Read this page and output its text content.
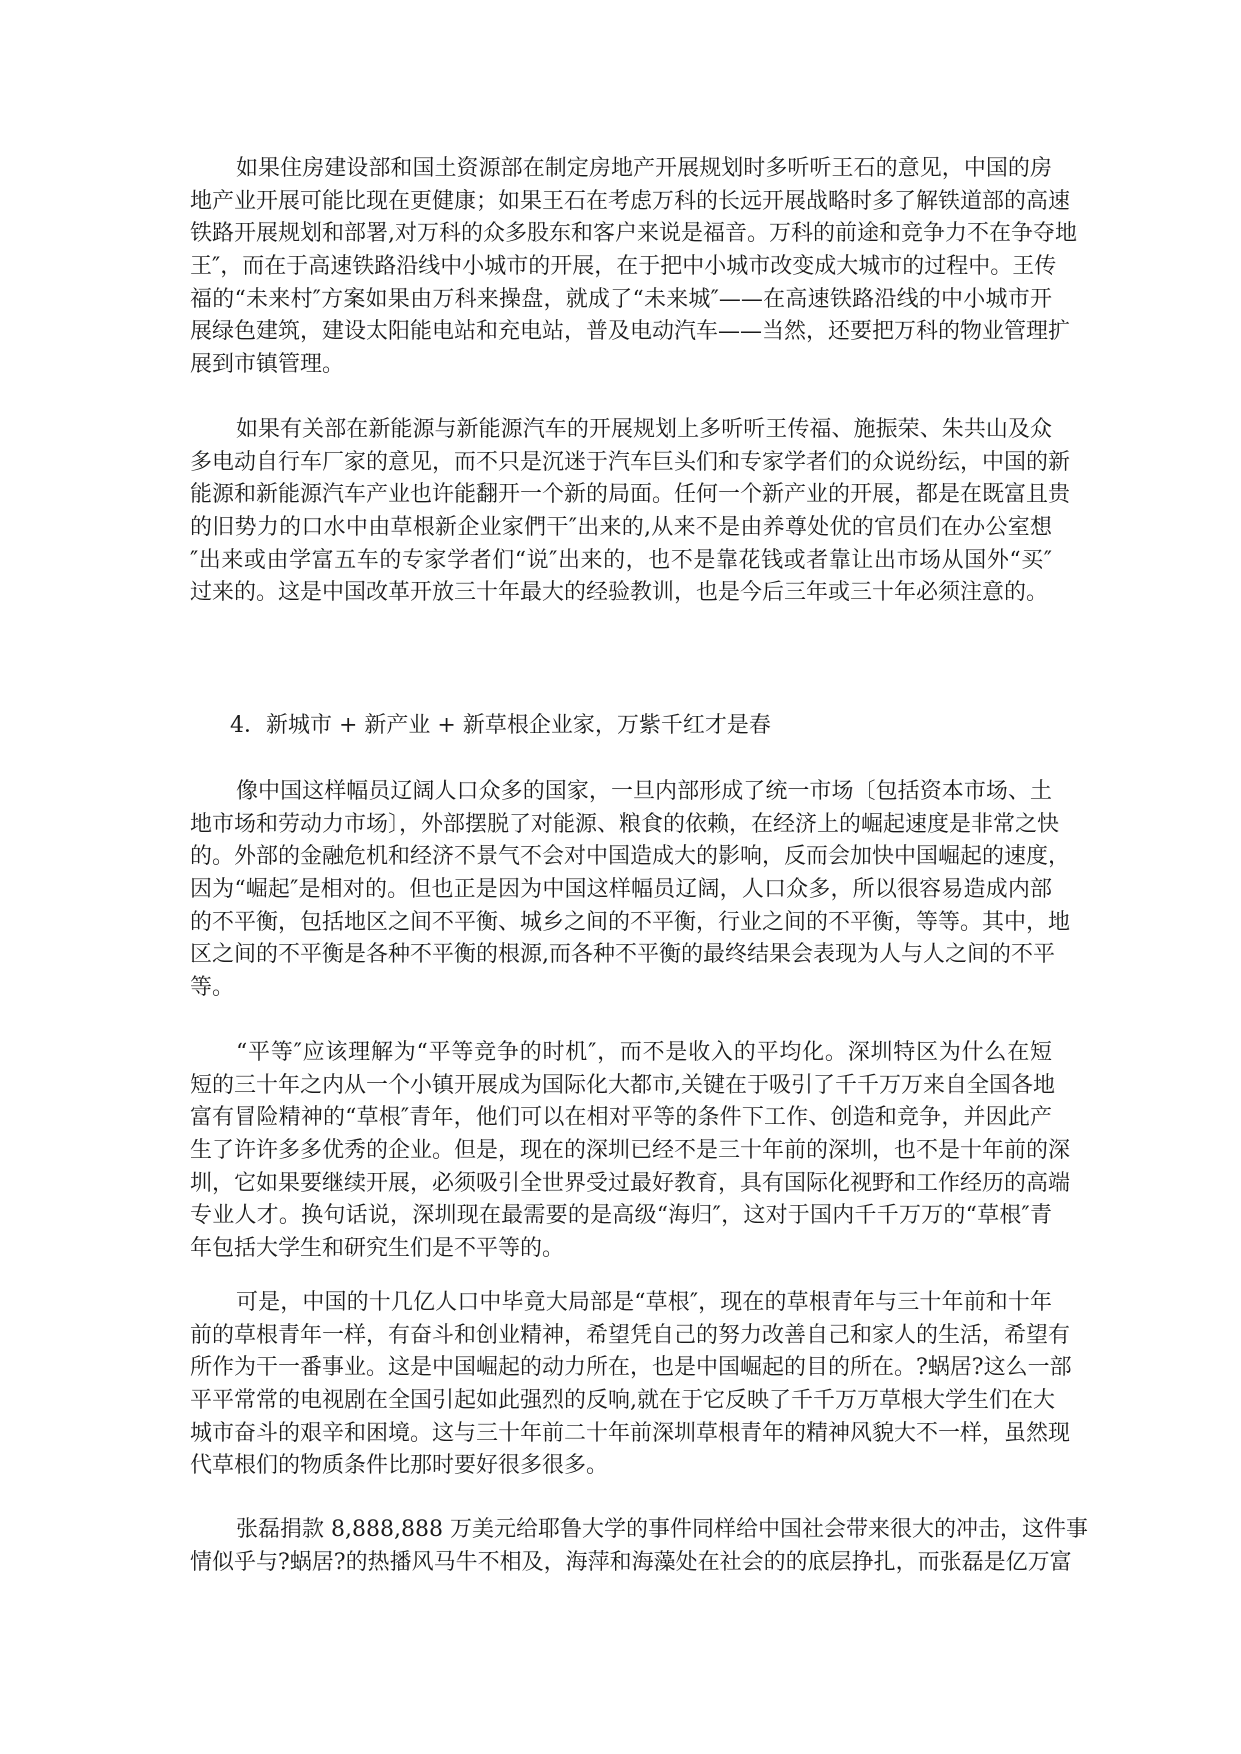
4．新城市 + 新产业 + 新草根企业家，万紫千红才是春
如果住房建设部和国土资源部在制定房地产开展规划时多听听王石的意见，中国的房
地产业开展可能比现在更健康；如果王石在考虑万科的长远开展战略时多了解铁道部的高速
铁路开展规划和部署,对万科的众多股东和客户来说是福音。万科的前途和竞争力不在争夺地
王″，而在于高速铁路沿线中小城市的开展，在于把中小城市改变成大城市的过程中。王传
福的“未来村″方案如果由万科来操盘，就成了“未来城″——在高速铁路沿线的中小城市开
展绿色建筑，建设太阳能电站和充电站，普及电动汽车——当然，还要把万科的物业管理扩
展到市镇管理。
如果有关部在新能源与新能源汽车的开展规划上多听听王传福、施振荣、朱共山及众
多电动自行车厂家的意见，而不只是沉迷于汽车巨头们和专家学者们的众说纷纭，中国的新
能源和新能源汽车产业也许能翻开一个新的局面。任何一个新产业的开展，都是在既富且贵
的旧势力的口水中由草根新企业家們干″出来的,从来不是由养尊处优的官员们在办公室想
″出来或由学富五车的专家学者们“说″出来的，也不是靠花钱或者靠让出市场从国外“买″
过来的。这是中国改革开放三十年最大的经验教训，也是今后三年或三十年必须注意的。
像中国这样幅员辽阔人口众多的国家，一旦内部形成了统一市场〔包括资本市场、土
地市场和劳动力市场〕，外部摆脱了对能源、粮食的依赖，在经济上的崛起速度是非常之快
的。外部的金融危机和经济不景气不会对中国造成大的影响，反而会加快中国崛起的速度，
因为“崛起″是相对的。但也正是因为中国这样幅员辽阔，人口众多，所以很容易造成内部
的不平衡，包括地区之间不平衡、城乡之间的不平衡，行业之间的不平衡，等等。其中，地
区之间的不平衡是各种不平衡的根源,而各种不平衡的最终结果会表现为人与人之间的不平
等。
“平等″应该理解为“平等竞争的时机″，而不是收入的平均化。深圳特区为什么在短
短的三十年之内从一个小镇开展成为国际化大都市,关键在于吸引了千千万万来自全国各地
富有冒险精神的“草根″青年，他们可以在相对平等的条件下工作、创造和竞争，并因此产
生了许许多多优秀的企业。但是，现在的深圳已经不是三十年前的深圳，也不是十年前的深
圳，它如果要继续开展，必须吸引全世界受过最好教育，具有国际化视野和工作经历的高端
专业人才。换句话说，深圳现在最需要的是高级“海归″，这对于国内千千万万的“草根″青
年包括大学生和研究生们是不平等的。
可是，中国的十几亿人口中毕竟大局部是“草根″，现在的草根青年与三十年前和十年
前的草根青年一样，有奋斗和创业精神，希望凭自己的努力改善自己和家人的生活，希望有
所作为干一番事业。这是中国崛起的动力所在，也是中国崛起的目的所在。?蜗居?这么一部
平平常常的电视剧在全国引起如此强烈的反响,就在于它反映了千千万万草根大学生们在大
城市奋斗的艰辛和困境。这与三十年前二十年前深圳草根青年的精神风貌大不一样，虽然现
代草根们的物质条件比那时要好很多很多。
张磊捐款 8,888,888 万美元给耶鲁大学的事件同样给中国社会带来很大的冲击，这件事
情似乎与?蜗居?的热播风马牛不相及，海萍和海藻处在社会的的底层挣扎，而张磊是亿万富
